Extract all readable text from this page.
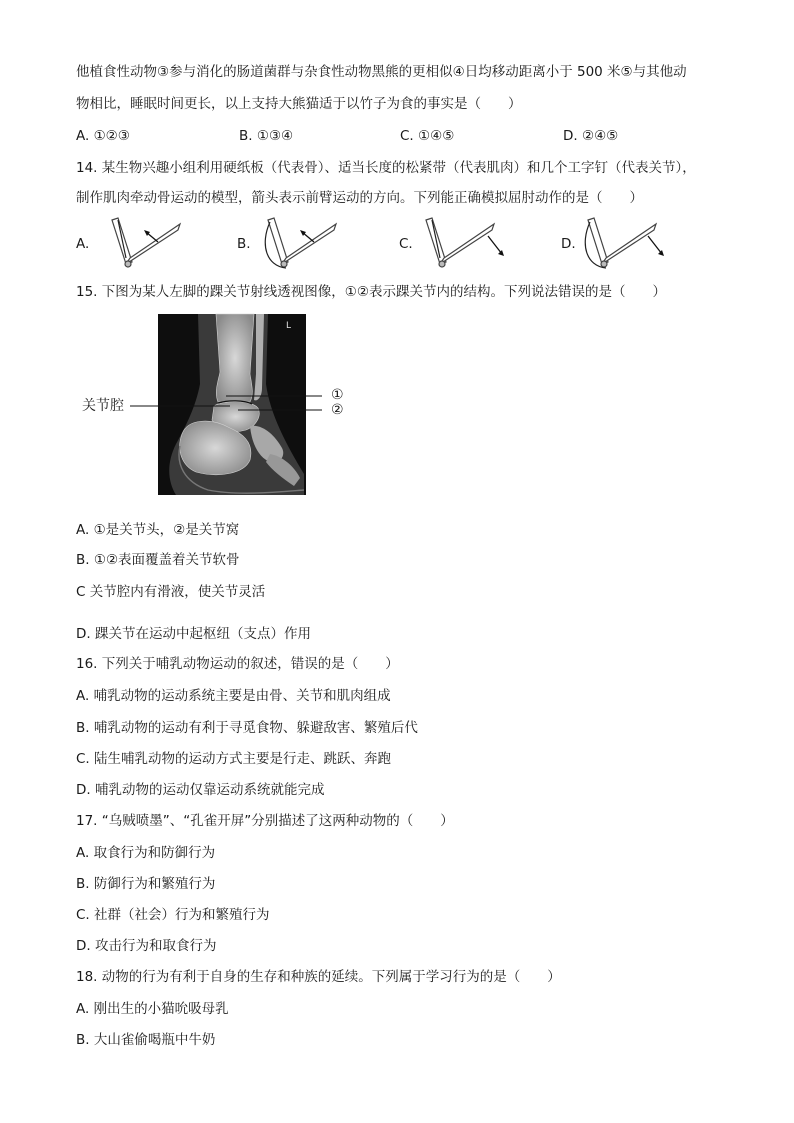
他植食性动物③参与消化的肠道菌群与杂食性动物黑熊的更相似④日均移动距离小于 500 米⑤与其他动
物相比，睡眠时间更长，以上支持大熊猫适于以竹子为食的事实是（　　）
A. ①②③	B. ①③④	C. ①④⑤	D. ②④⑤
14. 某生物兴趣小组利用硬纸板（代表骨）、适当长度的松紧带（代表肌肉）和几个工字钉（代表关节），
制作肌肉牵动骨运动的模型，箭头表示前臂运动的方向。下列能正确模拟屈肘动作的是（　　）
A.	B.	C.	D.
15. 下图为某人左脚的踝关节射线透视图像，①②表示踝关节内的结构。下列说法错误的是（　　）
L
关节腔
①
②
A. ①是关节头，②是关节窝
B. ①②表面覆盖着关节软骨
C 关节腔内有滑液，使关节灵活
D. 踝关节在运动中起枢纽（支点）作用
16. 下列关于哺乳动物运动的叙述，错误的是（　　）
A. 哺乳动物的运动系统主要是由骨、关节和肌肉组成
B. 哺乳动物的运动有利于寻觅食物、躲避敌害、繁殖后代
C. 陆生哺乳动物的运动方式主要是行走、跳跃、奔跑
D. 哺乳动物的运动仅靠运动系统就能完成
17. “乌贼喷墨”、“孔雀开屏”分别描述了这两种动物的（　　）
A. 取食行为和防御行为
B. 防御行为和繁殖行为
C. 社群（社会）行为和繁殖行为
D. 攻击行为和取食行为
18. 动物的行为有利于自身的生存和种族的延续。下列属于学习行为的是（　　）
A. 刚出生的小猫吮吸母乳
B. 大山雀偷喝瓶中牛奶
